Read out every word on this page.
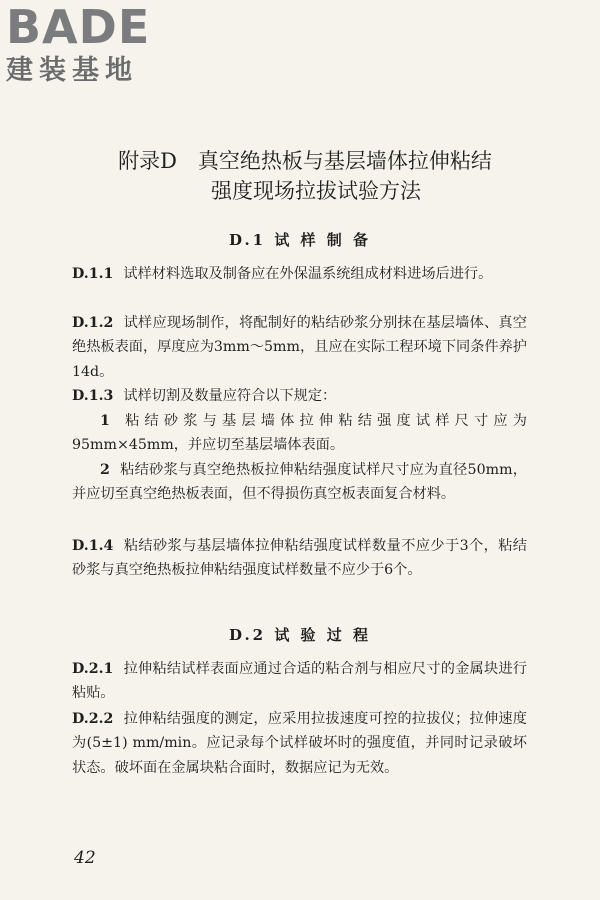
BADE
建装基地
附录D　真空绝热板与基层墙体拉伸粘结
强度现场拉拔试验方法
D.1 试 样 制 备
D.1.1 试样材料选取及制备应在外保温系统组成材料进场后进行。
D.1.2 试样应现场制作，将配制好的粘结砂浆分别抹在基层墙体、真空绝热板表面，厚度应为3mm～5mm，且应在实际工程环境下同条件养护14d。
D.1.3 试样切割及数量应符合以下规定：
1 粘结砂浆与基层墙体拉伸粘结强度试样尺寸应为95mm×45mm，并应切至基层墙体表面。
2 粘结砂浆与真空绝热板拉伸粘结强度试样尺寸应为直径50mm，并应切至真空绝热板表面，但不得损伤真空板表面复合材料。
D.1.4 粘结砂浆与基层墙体拉伸粘结强度试样数量不应少于3个，粘结砂浆与真空绝热板拉伸粘结强度试样数量不应少于6个。
D.2 试 验 过 程
D.2.1 拉伸粘结试样表面应通过合适的粘合剂与相应尺寸的金属块进行粘贴。
D.2.2 拉伸粘结强度的测定，应采用拉拔速度可控的拉拔仪；拉伸速度为(5±1) mm/min。应记录每个试样破坏时的强度值，并同时记录破坏状态。破坏面在金属块粘合面时，数据应记为无效。
42
